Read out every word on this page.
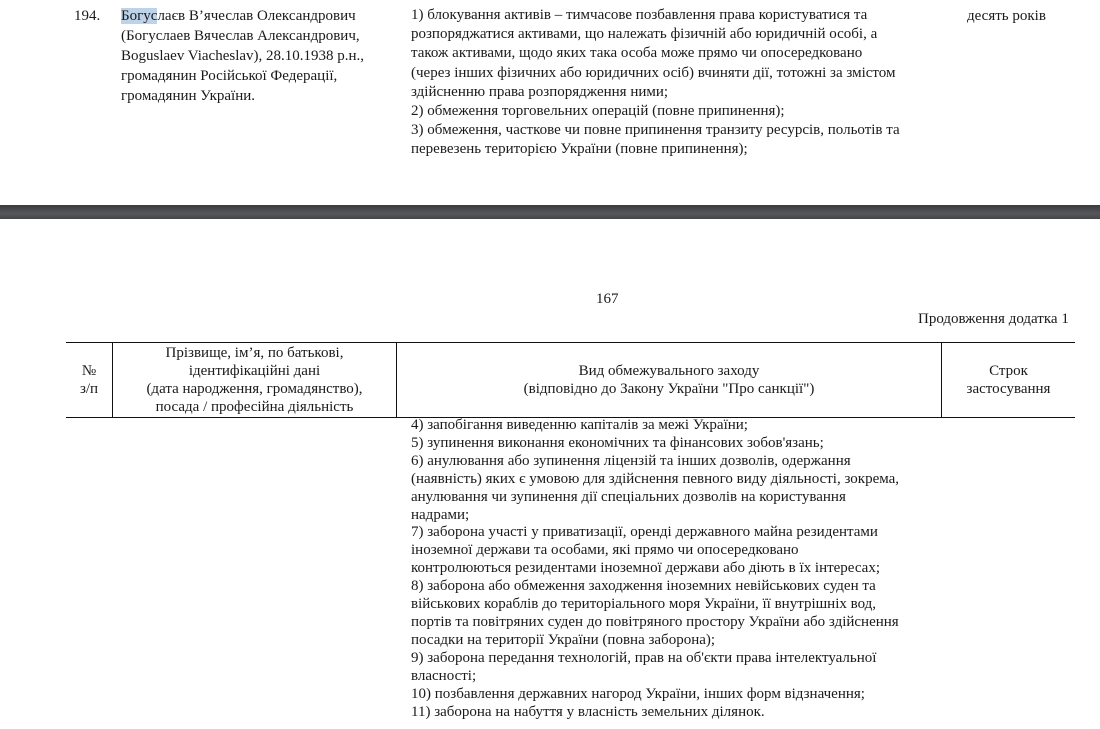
194. Богуслаєв В’ячеслав Олександрович
(Богуслаев Вячеслав Александрович,
Boguslaev Viacheslav), 28.10.1938 р.н.,
громадянин Російської Федерації,
громадянин України.
1) блокування активів – тимчасове позбавлення права користуватися та
розпоряджатися активами, що належать фізичній або юридичній особі, а
також активами, щодо яких така особа може прямо чи опосередковано
(через інших фізичних або юридичних осіб) вчиняти дії, тотожні за змістом
здійсненню права розпорядження ними;
2) обмеження торговельних операцій (повне припинення);
3) обмеження, часткове чи повне припинення транзиту ресурсів, польотів та
перевезень територією України (повне припинення);
десять років
167
Продовження додатка 1
№
з/п
Прізвище, ім’я, по батькові,
ідентифікаційні дані
(дата народження, громадянство),
посада / професійна діяльність
Вид обмежувального заходу
(відповідно до Закону України "Про санкції")
Строк
застосування
4) запобігання виведенню капіталів за межі України;
5) зупинення виконання економічних та фінансових зобов'язань;
6) анулювання або зупинення ліцензій та інших дозволів, одержання
(наявність) яких є умовою для здійснення певного виду діяльності, зокрема,
анулювання чи зупинення дії спеціальних дозволів на користування
надрами;
7) заборона участі у приватизації, оренді державного майна резидентами
іноземної держави та особами, які прямо чи опосередковано
контролюються резидентами іноземної держави або діють в їх інтересах;
8) заборона або обмеження заходження іноземних невійськових суден та
військових кораблів до територіального моря України, її внутрішніх вод,
портів та повітряних суден до повітряного простору України або здійснення
посадки на території України (повна заборона);
9) заборона передання технологій, прав на об'єкти права інтелектуальної
власності;
10) позбавлення державних нагород України, інших форм відзначення;
11) заборона на набуття у власність земельних ділянок.
